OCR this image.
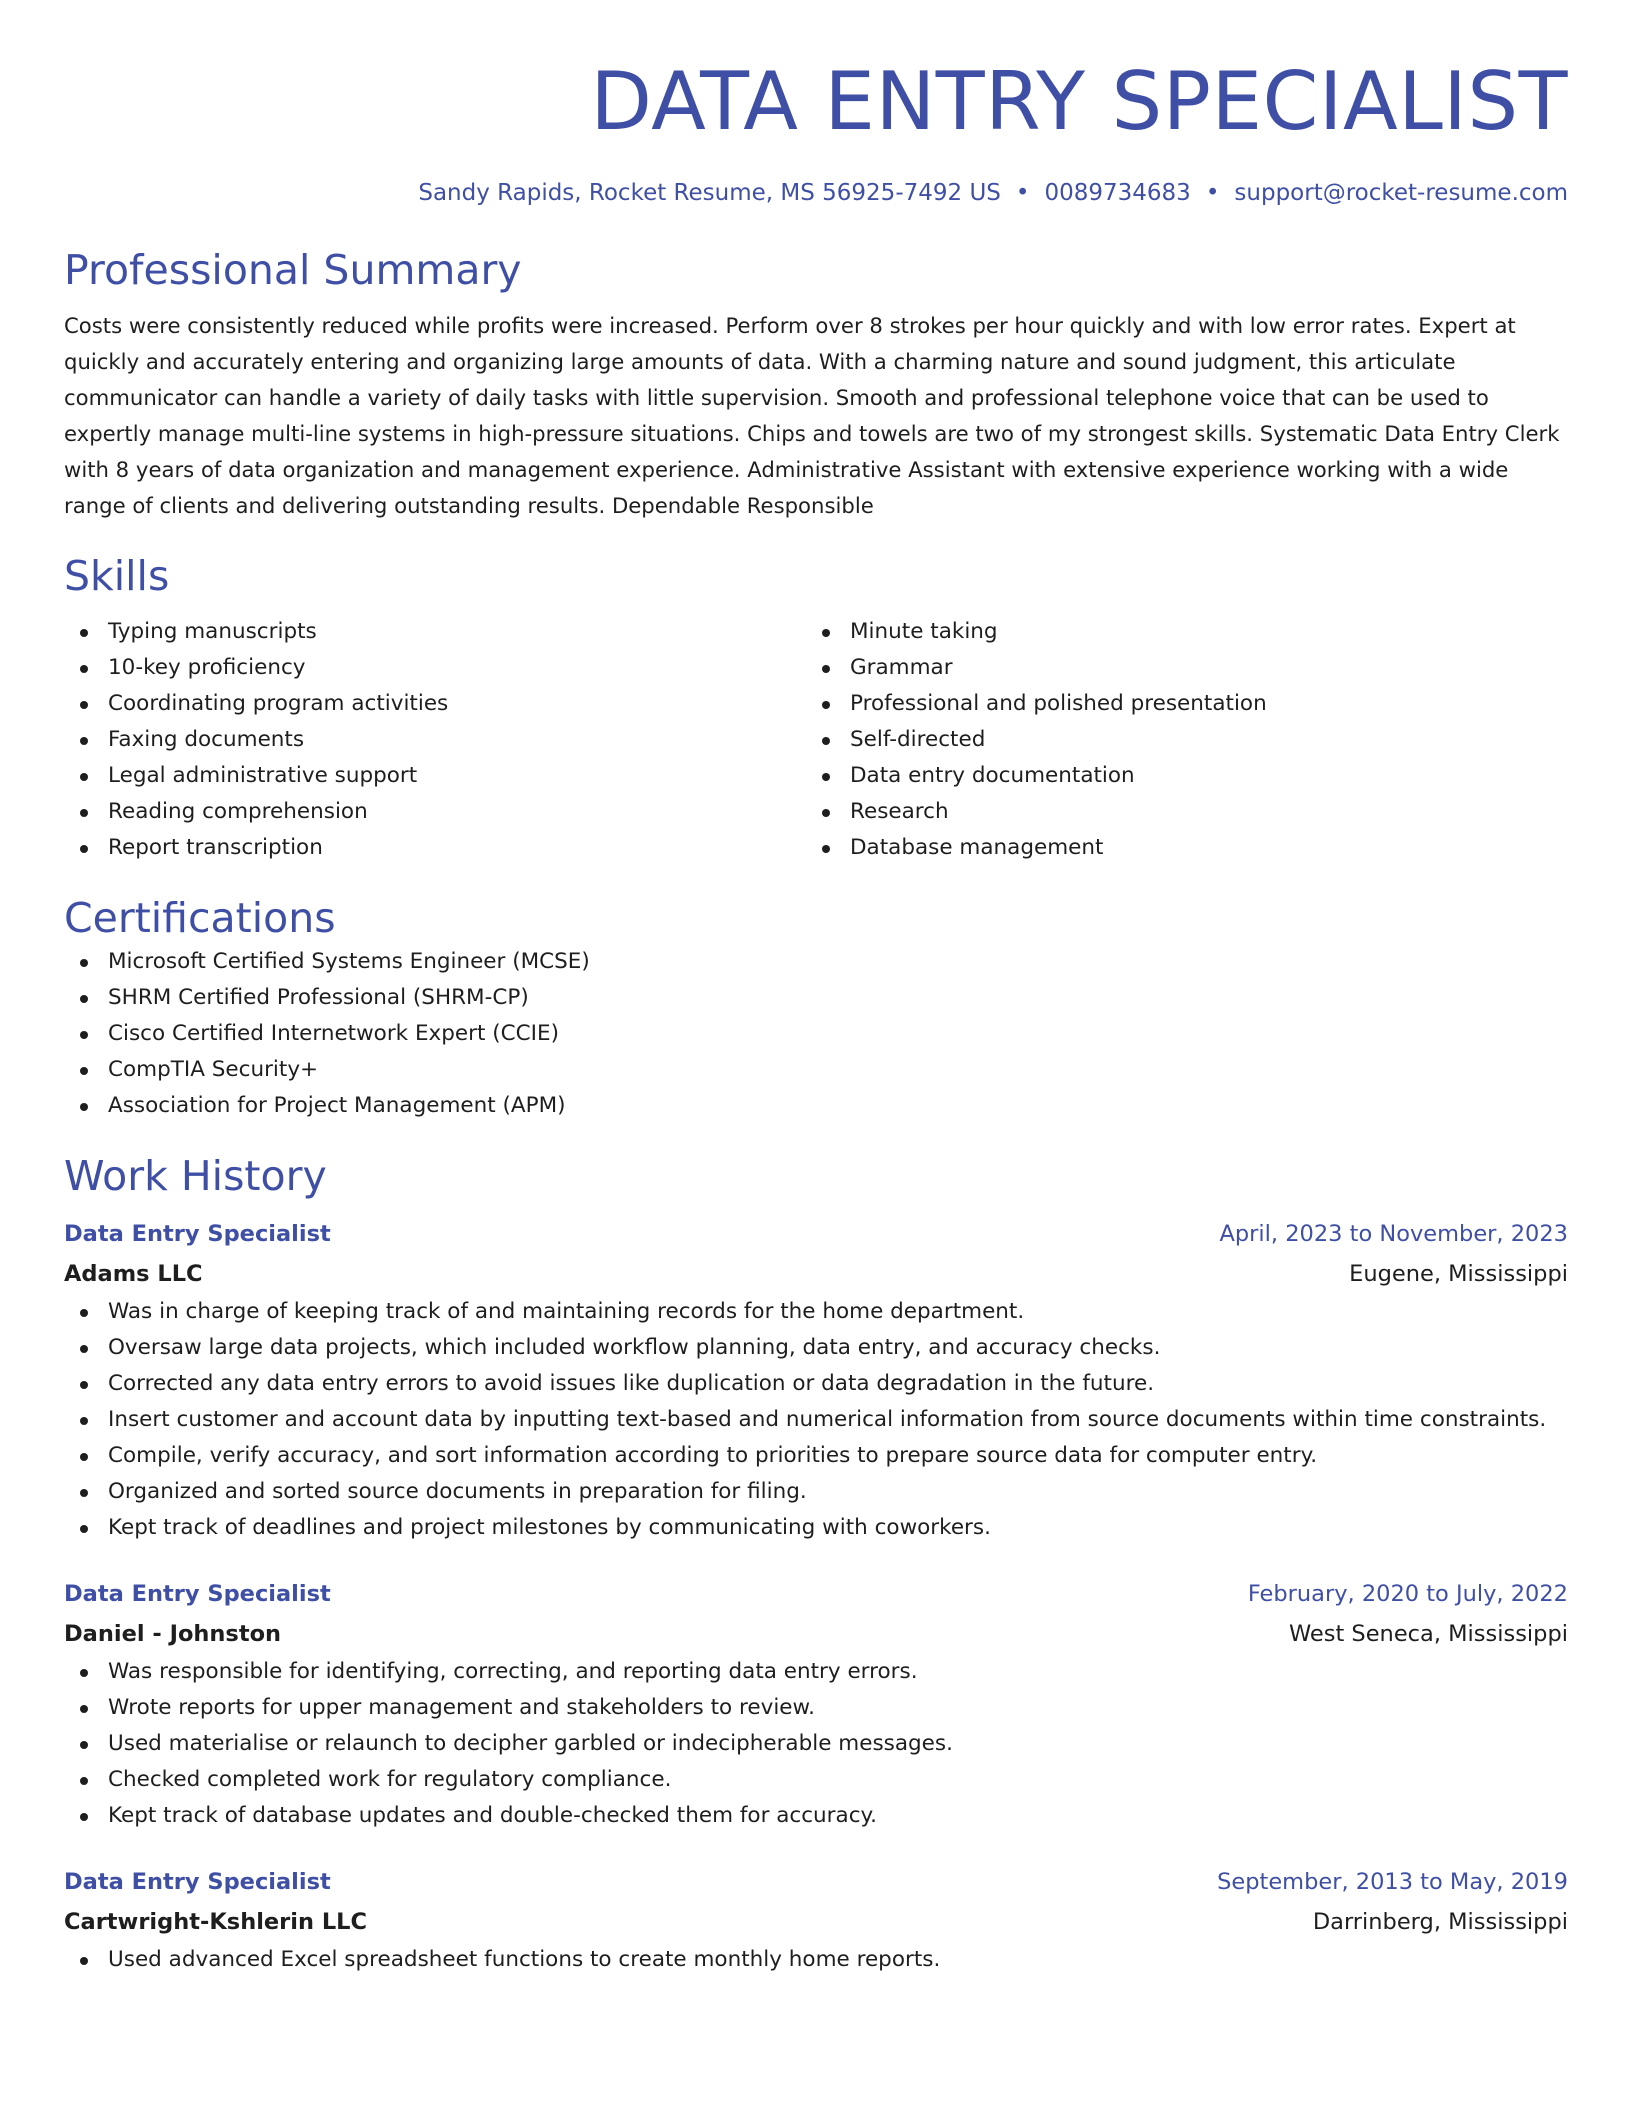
DATA ENTRY SPECIALIST
Sandy Rapids, Rocket Resume, MS 56925-7492 US • 0089734683 • support@rocket-resume.com
Professional Summary
Costs were consistently reduced while profits were increased. Perform over 8 strokes per hour quickly and with low error rates. Expert at quickly and accurately entering and organizing large amounts of data. With a charming nature and sound judgment, this articulate communicator can handle a variety of daily tasks with little supervision. Smooth and professional telephone voice that can be used to expertly manage multi-line systems in high-pressure situations. Chips and towels are two of my strongest skills. Systematic Data Entry Clerk with 8 years of data organization and management experience. Administrative Assistant with extensive experience working with a wide range of clients and delivering outstanding results. Dependable Responsible
Skills
Typing manuscripts
10-key proficiency
Coordinating program activities
Faxing documents
Legal administrative support
Reading comprehension
Report transcription
Minute taking
Grammar
Professional and polished presentation
Self-directed
Data entry documentation
Research
Database management
Certifications
Microsoft Certified Systems Engineer (MCSE)
SHRM Certified Professional (SHRM-CP)
Cisco Certified Internetwork Expert (CCIE)
CompTIA Security+
Association for Project Management (APM)
Work History
Data Entry Specialist	April, 2023 to November, 2023
Adams LLC	Eugene, Mississippi
Was in charge of keeping track of and maintaining records for the home department.
Oversaw large data projects, which included workflow planning, data entry, and accuracy checks.
Corrected any data entry errors to avoid issues like duplication or data degradation in the future.
Insert customer and account data by inputting text-based and numerical information from source documents within time constraints.
Compile, verify accuracy, and sort information according to priorities to prepare source data for computer entry.
Organized and sorted source documents in preparation for filing.
Kept track of deadlines and project milestones by communicating with coworkers.
Data Entry Specialist	February, 2020 to July, 2022
Daniel - Johnston	West Seneca, Mississippi
Was responsible for identifying, correcting, and reporting data entry errors.
Wrote reports for upper management and stakeholders to review.
Used materialise or relaunch to decipher garbled or indecipherable messages.
Checked completed work for regulatory compliance.
Kept track of database updates and double-checked them for accuracy.
Data Entry Specialist	September, 2013 to May, 2019
Cartwright-Kshlerin LLC	Darrinberg, Mississippi
Used advanced Excel spreadsheet functions to create monthly home reports.
